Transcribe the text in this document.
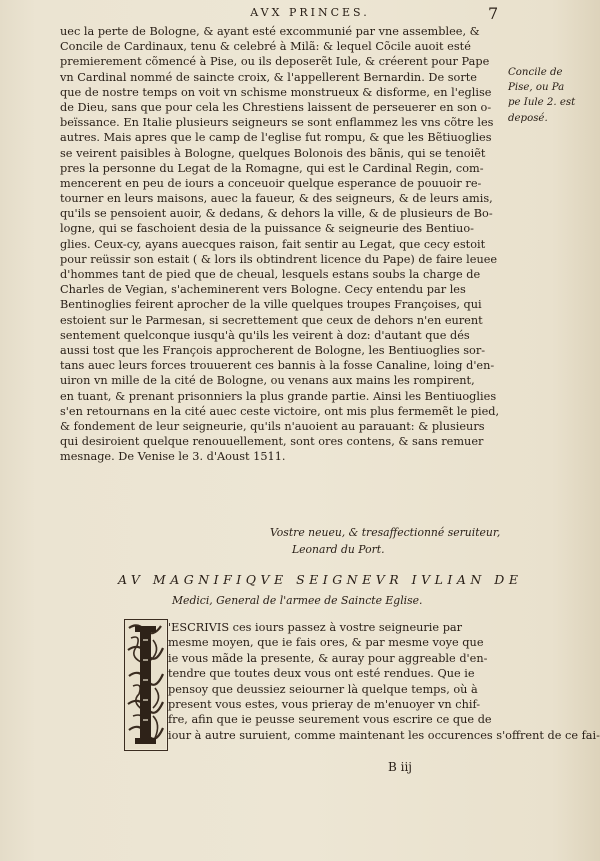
AVX PRINCES.	7
uec la perte de Bologne, & ayant esté excommunié par vne assemblee, &
Concile de Cardinaux, tenu & celebré à Milã: & lequel Cõcile auoit esté
premierement cõmencé à Pise, ou ils deposerẽt Iule, & créerent pour Pape
vn Cardinal nommé de saincte croix, & l'appellerent Bernardin. De sorte
que de nostre temps on voit vn schisme monstrueux & disforme, en l'eglise
de Dieu, sans que pour cela les Chrestiens laissent de perseuerer en son o-
beïssance. En Italie plusieurs seigneurs se sont enflammez les vns cõtre les
autres. Mais apres que le camp de l'eglise fut rompu, & que les Bẽtiuoglies
se veirent paisibles à Bologne, quelques Bolonois des bãnis, qui se tenoiẽt
pres la personne du Legat de la Romagne, qui est le Cardinal Regin, com-
mencerent en peu de iours a conceuoir quelque esperance de pouuoir re-
tourner en leurs maisons, auec la faueur, & des seigneurs, & de leurs amis,
qu'ils se pensoient auoir, & dedans, & dehors la ville, & de plusieurs de Bo-
logne, qui se faschoient desia de la puissance & seigneurie des Bentiuo-
glies. Ceux-cy, ayans auecques raison, fait sentir au Legat, que cecy estoit
pour reüssir son estait ( & lors ils obtindrent licence du Pape) de faire leuee
d'hommes tant de pied que de cheual, lesquels estans soubs la charge de
Charles de Vegian, s'acheminerent vers Bologne. Cecy entendu par les
Bentinoglies feirent aprocher de la ville quelques troupes Françoises, qui
estoient sur le Parmesan, si secrettement que ceux de dehors n'en eurent
sentement quelconque iusqu'à qu'ils les veirent à doz: d'autant que dés
aussi tost que les François approcherent de Bologne, les Bentiuoglies sor-
tans auec leurs forces trouuerent ces bannis à la fosse Canaline, loing d'en-
uiron vn mille de la cité de Bologne, ou venans aux mains les rompirent,
en tuant, & prenant prisonniers la plus grande partie. Ainsi les Bentiuoglies
s'en retournans en la cité auec ceste victoire, ont mis plus fermemẽt le pied,
& fondement de leur seigneurie, qu'ils n'auoient au parauant: & plusieurs
qui desiroient quelque renouuellement, sont ores contens, & sans remuer
mesnage. De Venise le 3. d'Aoust 1511.
Concile de
Pise, ou Pa
pe Iule 2. est
deposé.
Vostre neueu, & tresaffectionné seruiteur,
Leonard du Port.
AV MAGNIFIQVE SEIGNEVR IVLIAN DE
Medici, General de l'armee de Saincte Eglise.
'ESCRIVIS ces iours passez à vostre seigneurie par
mesme moyen, que ie fais ores, & par mesme voye que
ie vous mãde la presente, & auray pour aggreable d'en-
tendre que toutes deux vous ont esté rendues. Que ie
pensoy que deussiez seiourner là quelque temps, où à
present vous estes, vous prieray de m'enuoyer vn chif-
fre, afin que ie peusse seurement vous escrire ce que de
iour à autre suruient, comme maintenant les occurences s'offrent de ce fai-
B iij
